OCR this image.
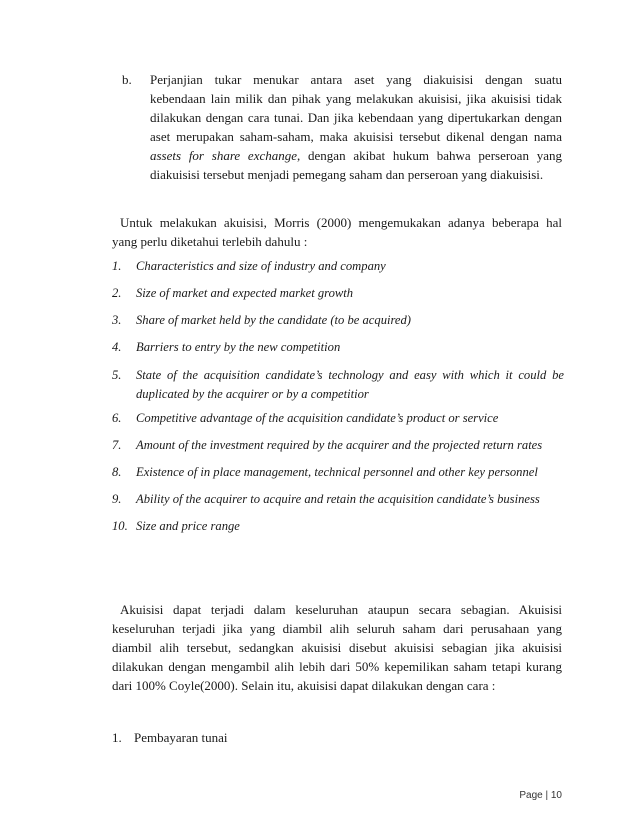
b. Perjanjian tukar menukar antara aset yang diakuisisi dengan suatu
kebendaan lain milik dan pihak yang melakukan akuisisi, jika akuisisi tidak
dilakukan dengan cara tunai. Dan jika kebendaan yang dipertukarkan dengan
aset merupakan saham-saham, maka akuisisi tersebut dikenal dengan nama
assets for share exchange, dengan akibat hukum bahwa perseroan yang
diakuisisi tersebut menjadi pemegang saham dan perseroan yang diakuisisi.
Untuk melakukan akuisisi, Morris (2000) mengemukakan adanya beberapa hal
yang perlu diketahui terlebih dahulu :
1. Characteristics and size of industry and company
2. Size of market and expected market growth
3. Share of market held by the candidate (to be acquired)
4. Barriers to entry by the new competition
5. State of the acquisition candidate’s technology and easy with which it could be
duplicated by the acquirer or by a competitior
6. Competitive advantage of the acquisition candidate’s product or service
7. Amount of the investment required by the acquirer and the projected return rates
8. Existence of in place management, technical personnel and other key personnel
9. Ability of the acquirer to acquire and retain the acquisition candidate’s business
10. Size and price range
Akuisisi dapat terjadi dalam keseluruhan ataupun secara sebagian. Akuisisi
keseluruhan terjadi jika yang diambil alih seluruh saham dari perusahaan yang
diambil alih tersebut, sedangkan akuisisi disebut akuisisi sebagian jika akuisisi
dilakukan dengan mengambil alih lebih dari 50% kepemilikan saham tetapi kurang
dari 100% Coyle(2000). Selain itu, akuisisi dapat dilakukan dengan cara :
1. Pembayaran tunai
Page | 10
